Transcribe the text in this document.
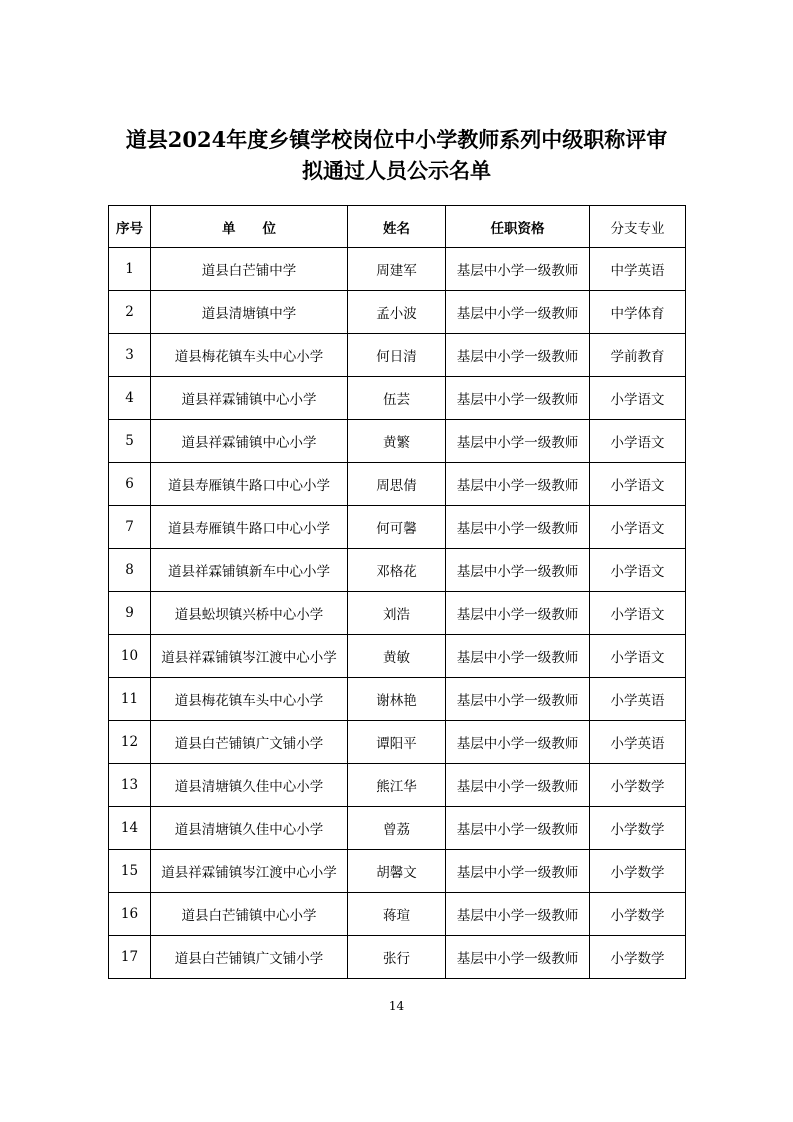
道县2024年度乡镇学校岗位中小学教师系列中级职称评审
拟通过人员公示名单
序号	单　　位	姓名	任职资格	分支专业
1	道县白芒铺中学	周建军	基层中小学一级教师	中学英语
2	道县清塘镇中学	孟小波	基层中小学一级教师	中学体育
3	道县梅花镇车头中心小学	何日清	基层中小学一级教师	学前教育
4	道县祥霖铺镇中心小学	伍芸	基层中小学一级教师	小学语文
5	道县祥霖铺镇中心小学	黄繁	基层中小学一级教师	小学语文
6	道县寿雁镇牛路口中心小学	周思倩	基层中小学一级教师	小学语文
7	道县寿雁镇牛路口中心小学	何可馨	基层中小学一级教师	小学语文
8	道县祥霖铺镇新车中心小学	邓格花	基层中小学一级教师	小学语文
9	道县蚣坝镇兴桥中心小学	刘浩	基层中小学一级教师	小学语文
10	道县祥霖铺镇岑江渡中心小学	黄敏	基层中小学一级教师	小学语文
11	道县梅花镇车头中心小学	谢林艳	基层中小学一级教师	小学英语
12	道县白芒铺镇广文铺小学	谭阳平	基层中小学一级教师	小学英语
13	道县清塘镇久佳中心小学	熊江华	基层中小学一级教师	小学数学
14	道县清塘镇久佳中心小学	曾荔	基层中小学一级教师	小学数学
15	道县祥霖铺镇岑江渡中心小学	胡馨文	基层中小学一级教师	小学数学
16	道县白芒铺镇中心小学	蒋瑄	基层中小学一级教师	小学数学
17	道县白芒铺镇广文铺小学	张行	基层中小学一级教师	小学数学
14
